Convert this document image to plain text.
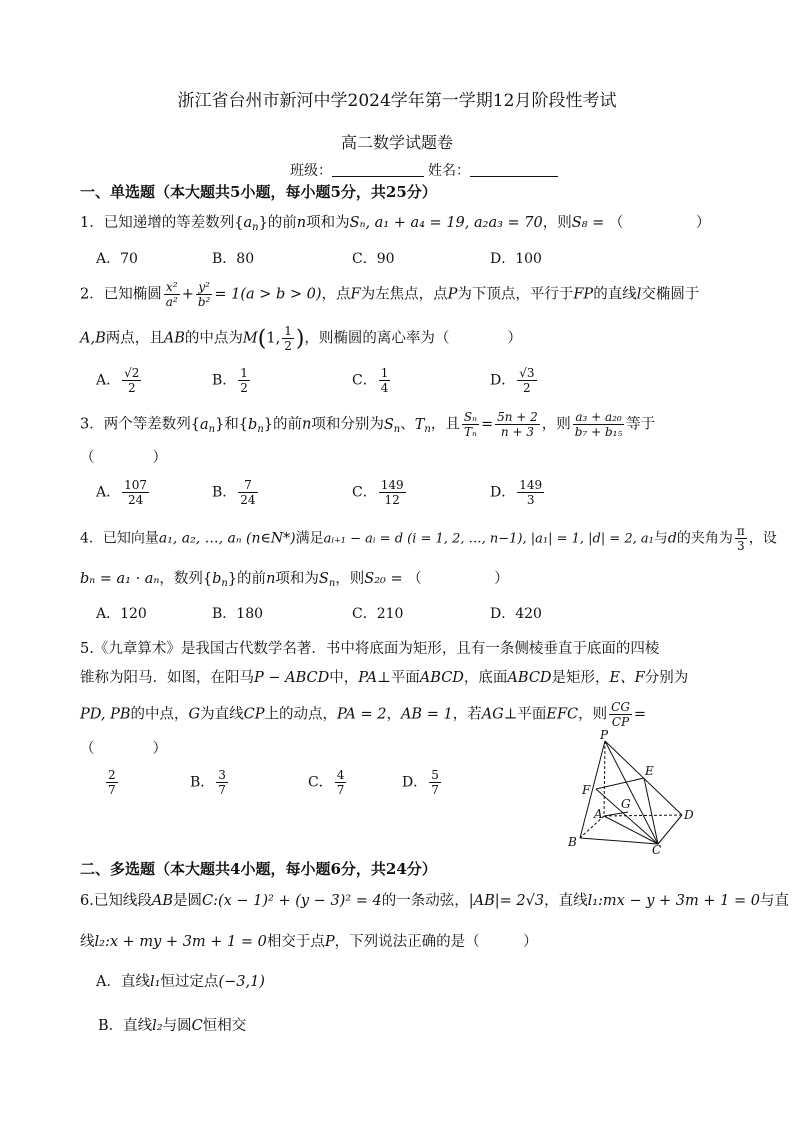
浙江省台州市新河中学2024学年第一学期12月阶段性考试
高二数学试题卷
班级：	姓名：
一、单选题（本大题共5小题，每小题5分，共25分）
1．已知递增的等差数列$\{a_n\}$的前n项和为Sₙ, a₁ + a₄ = 19, a₂a₃ = 70，则S₈ = （　　　　　）
A．70	B．80	C．90	D．100
2．已知椭圆 $\frac{\text{x²}}{\text{a²}} + \frac{\text{y²}}{\text{b²}} = 1(a > b > 0)$，点F为左焦点，点P为下顶点，平行于FP的直线l交椭圆于
A,B两点，且AB的中点为M(1, $\frac{1}{2}$ )，则椭圆的离心率为（　　　　）
A． $\frac{√2}{2}$	B． $\frac{1}{2}$	C． $\frac{1}{4}$	D． $\frac{√3}{2}$
3．两个等差数列$\{a_n\}$和$\{b_n\}$的前n项和分别为$S_n$、$T_n$，且 $\frac{\text{Sₙ}}{\text{Tₙ}} = \frac{5n + 2}{n + 3}$ ，则 $\frac{\text{a₃ + a₂₀}}{\text{b₇ + b₁₅}}$ 等于
（　　　　）
A． $\frac{107}{24}$	B． $\frac{7}{24}$	C． $\frac{149}{12}$	D． $\frac{149}{3}$
4．已知向量a₁, a₂, …, aₙ (n∈N*)满足aᵢ₊₁ − aᵢ = d (i = 1, 2, …, n−1), |a₁| = 1, |d| = 2, a₁与d的夹角为 $\frac{\pi}{3}$ ，设
bₙ = a₁ · aₙ，数列$\{b_n\}$的前n项和为$S_n$，则S₂₀ = （　　　　　）
A．120	B．180	C．210	D．420
5.《九章算术》是我国古代数学名著．书中将底面为矩形，且有一条侧棱垂直于底面的四棱
锥称为阳马．如图，在阳马P − ABCD中，PA⊥平面ABCD，底面ABCD是矩形，E、F分别为
PD, PB的中点，G为直线CP上的动点，PA = 2，AB = 1，若AG⊥平面EFC，则 $\frac{CG}{CP}$ =
（　　　　）
$\frac{2}{7}$	B． $\frac{3}{7}$	C． $\frac{4}{7}$	D． $\frac{5}{7}$
P
E
F
G
A	D
B
C
二、多选题（本大题共4小题，每小题6分，共24分）
6.已知线段AB是圆C:(x − 1)² + (y − 3)² = 4的一条动弦，|AB|= 2√3，直线l₁:mx − y + 3m + 1 = 0与直
线l₂:x + my + 3m + 1 = 0相交于点P，下列说法正确的是（　　　）
A．直线l₁恒过定点(−3,1)
B．直线l₂与圆C恒相交
